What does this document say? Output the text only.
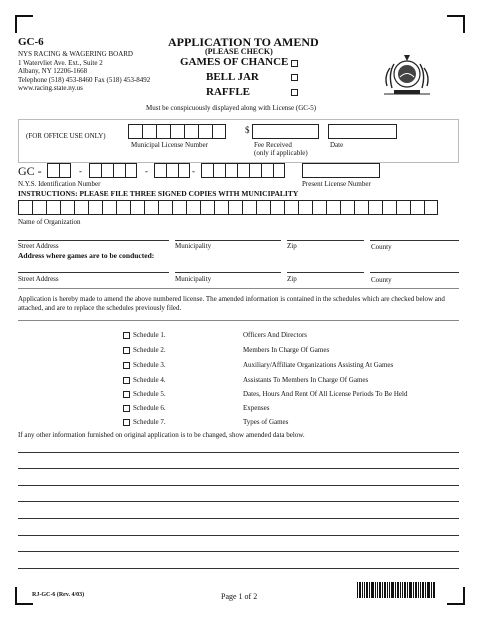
GC-6
NYS RACING & WAGERING BOARD
1 Watervliet Ave. Ext., Suite 2
Albany, NY 12206-1668
Telephone (518) 453-8460 Fax (518) 453-8492
www.racing.state.ny.us
APPLICATION TO AMEND
(PLEASE CHECK)
GAMES OF CHANCE
BELL JAR
RAFFLE
Must be conspicuously displayed along with License (GC-5)
(FOR OFFICE USE ONLY)
Municipal License Number
$
Fee Received
(only if applicable)
Date
GC -	-	-	-
N.Y.S. Identification Number	Present License Number
INSTRUCTIONS: PLEASE FILE THREE SIGNED COPIES WITH MUNICIPALITY
Name of Organization
Street Address	Municipality	Zip	County
Address where games are to be conducted:
Street Address	Municipality	Zip	County
Application is hereby made to amend the above numbered license. The amended information is contained in the schedules which are checked below and attached, and are to replace the schedules previously filed.
Schedule 1.	Officers And Directors
Schedule 2.	Members In Charge Of Games
Schedule 3.	Auxiliary/Affiliate Organizations Assisting At Games
Schedule 4.	Assistants To Members In Charge Of Games
Schedule 5.	Dates, Hours And Rent Of All License Periods To Be Held
Schedule 6.	Expenses
Schedule 7.	Types of Games
If any other information furnished on original application is to be changed, show amended data below.
RJ-GC-6 (Rev. 4/03)	Page 1 of 2
